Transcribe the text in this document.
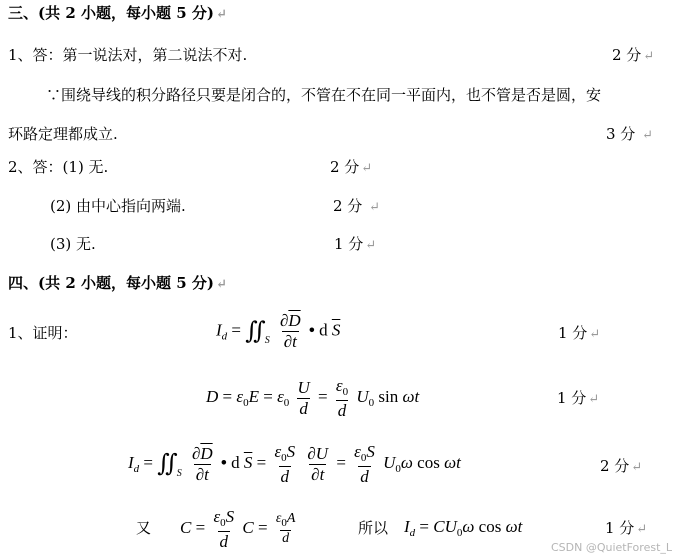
三、(共 2 小题，每小题 5 分) ↵
1、答：第一说法对，第二说法不对.	2 分 ↵
∵围绕导线的积分路径只要是闭合的，不管在不在同一平面内，也不管是否是圆，安
环路定理都成立.	3 分 ↵
2、答：(1) 无.	2 分 ↵
(2) 由中心指向两端.	2 分 ↵
(3) 无.	1 分 ↵
四、(共 2 小题，每小题 5 分) ↵
1、证明：	$I_d$ = ∬ $_S \frac{\partial\overline{D}}{\partial t}$ • d $\overline{S}$	1 分 ↵
$D = \varepsilon_0E = \varepsilon_0 \frac{U}{d} = \frac{\varepsilon_0}{d} U_0$ sin ωt	1 分 ↵
$I_d$ = ∬ $_S \frac{\partial\overline{D}}{\partial t}$ • d $\overline{S} = \frac{\varepsilon_0S}{d}$
$\frac{\partial U}{\partial t} = \frac{\varepsilon_0S}{d} U_0\omega$ cos ωt	2 分 ↵
又 $C = \frac{\varepsilon_0S}{d}$ $C = \frac{\varepsilon_0A}{d}$	所以 $I_d = CU_0\omega$ cos ωt	1 分 ↵
CSDN @QuietForest_L
